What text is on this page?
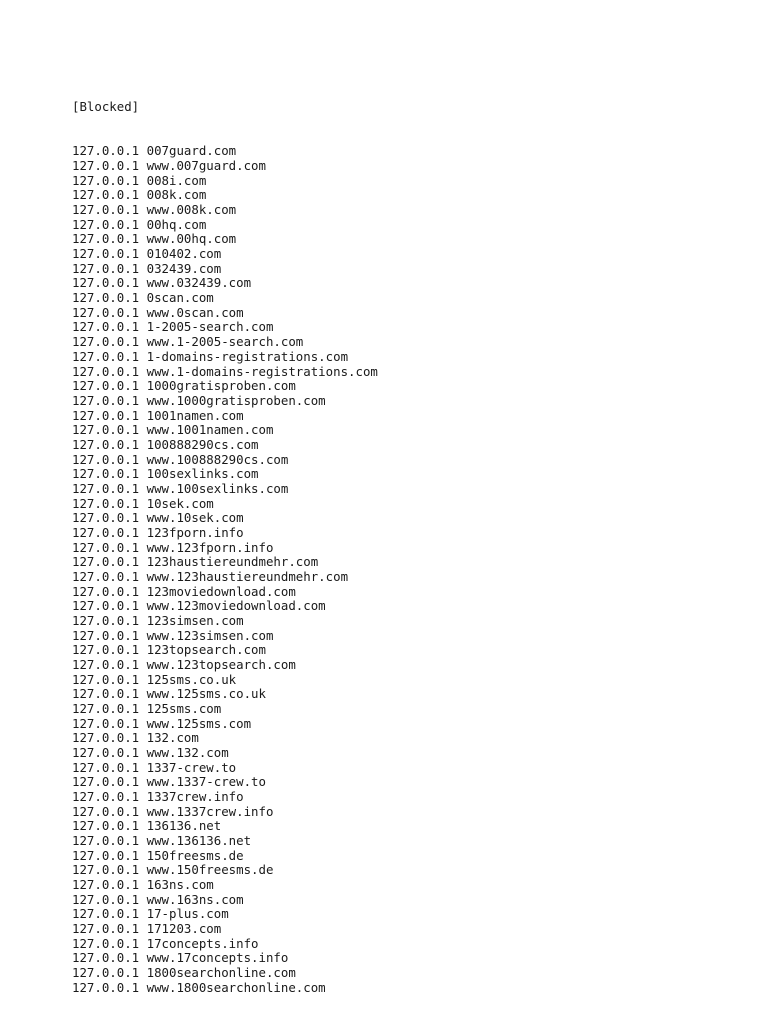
[Blocked]

127.0.0.1 007guard.com
127.0.0.1 www.007guard.com
127.0.0.1 008i.com
127.0.0.1 008k.com
127.0.0.1 www.008k.com
127.0.0.1 00hq.com
127.0.0.1 www.00hq.com
127.0.0.1 010402.com
127.0.0.1 032439.com
127.0.0.1 www.032439.com
127.0.0.1 0scan.com
127.0.0.1 www.0scan.com
127.0.0.1 1-2005-search.com
127.0.0.1 www.1-2005-search.com
127.0.0.1 1-domains-registrations.com
127.0.0.1 www.1-domains-registrations.com
127.0.0.1 1000gratisproben.com
127.0.0.1 www.1000gratisproben.com
127.0.0.1 1001namen.com
127.0.0.1 www.1001namen.com
127.0.0.1 100888290cs.com
127.0.0.1 www.100888290cs.com
127.0.0.1 100sexlinks.com
127.0.0.1 www.100sexlinks.com
127.0.0.1 10sek.com
127.0.0.1 www.10sek.com
127.0.0.1 123fporn.info
127.0.0.1 www.123fporn.info
127.0.0.1 123haustiereundmehr.com
127.0.0.1 www.123haustiereundmehr.com
127.0.0.1 123moviedownload.com
127.0.0.1 www.123moviedownload.com
127.0.0.1 123simsen.com
127.0.0.1 www.123simsen.com
127.0.0.1 123topsearch.com
127.0.0.1 www.123topsearch.com
127.0.0.1 125sms.co.uk
127.0.0.1 www.125sms.co.uk
127.0.0.1 125sms.com
127.0.0.1 www.125sms.com
127.0.0.1 132.com
127.0.0.1 www.132.com
127.0.0.1 1337-crew.to
127.0.0.1 www.1337-crew.to
127.0.0.1 1337crew.info
127.0.0.1 www.1337crew.info
127.0.0.1 136136.net
127.0.0.1 www.136136.net
127.0.0.1 150freesms.de
127.0.0.1 www.150freesms.de
127.0.0.1 163ns.com
127.0.0.1 www.163ns.com
127.0.0.1 17-plus.com
127.0.0.1 171203.com
127.0.0.1 17concepts.info
127.0.0.1 www.17concepts.info
127.0.0.1 1800searchonline.com
127.0.0.1 www.1800searchonline.com
